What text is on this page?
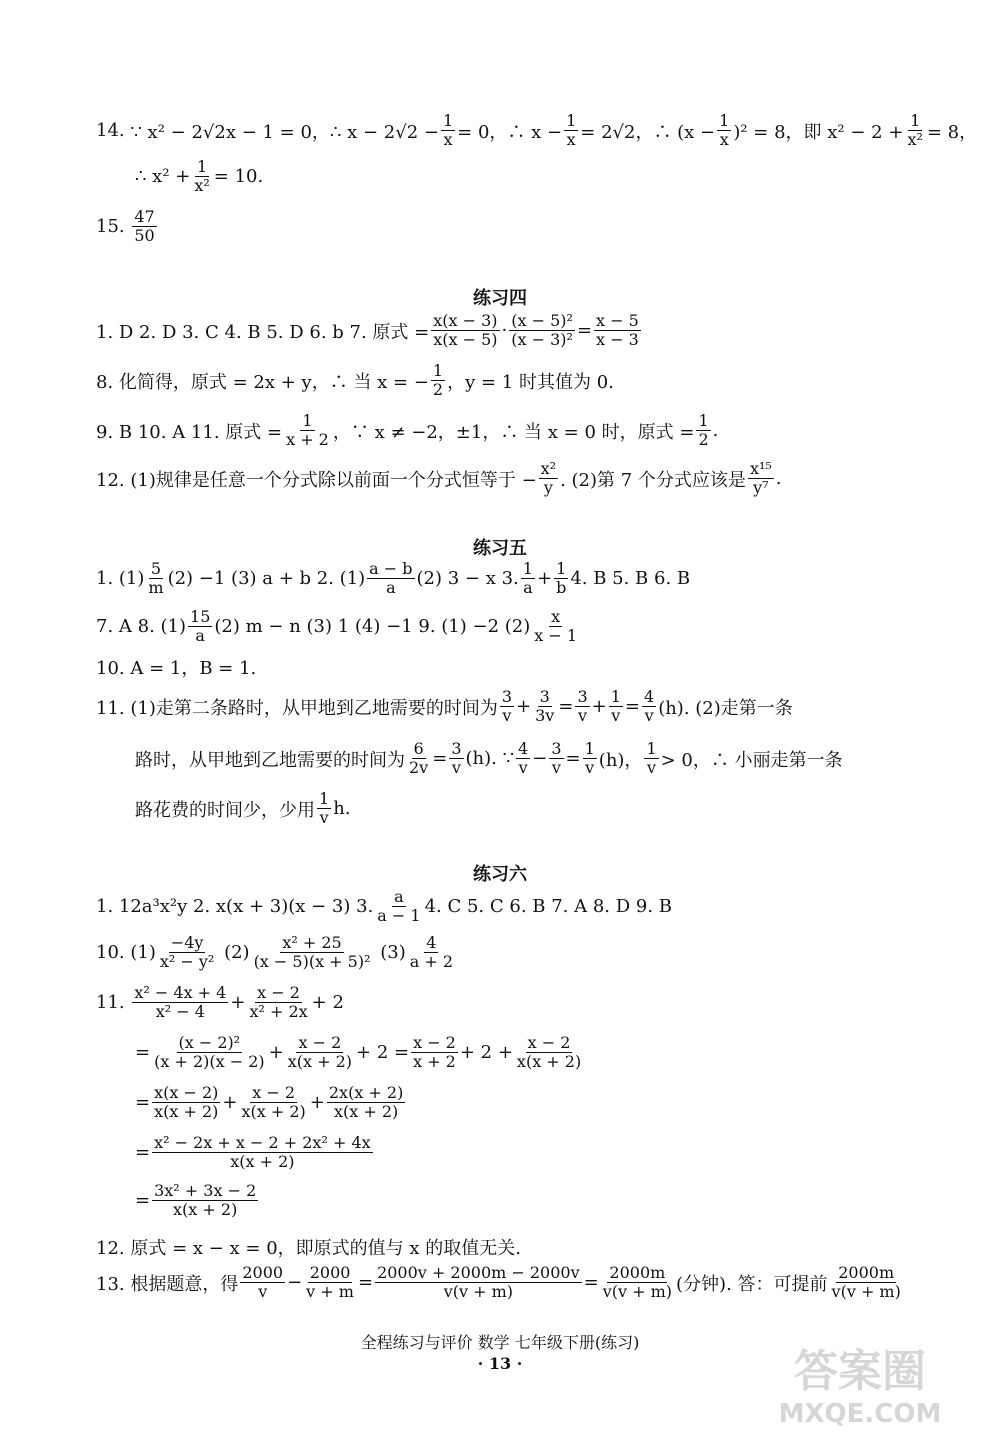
14.
∵ x² − 2√2x − 1 = 0，∴ $x - 2√2 - \frac{1}{x} = 0$，∴ $x - \frac{1}{x} = 2√2$，∴ $(x - \frac{1}{x} )^2 = 8$，即 $x^2 - 2 + \frac{1}{\text{x²}} = 8$，
∴ $x^2 + \frac{1}{\text{x²}} = 10$.
15.
$\frac{47}{50}$
练习四
1. D 2. D 3. C 4. B 5. D 6. b 7. 原式 = $\frac{x(x - 3)}{x(x - 5)} \cdot \frac{\text{(x − 5)²}}{\text{(x − 3)²}} = \frac{x - 5}{x - 3}$
8. 化简得，原式 = 2x + y，∴ 当 x = − $\frac{1}{2}$ ，y = 1 时其值为 0.
9. B 10. A 11. 原式 = $\frac{1}{x + 2}$ ，∵ x ≠ −2，±1，∴ 当 x = 0 时，原式 = $\frac{1}{2}$ .
12. (1)规律是任意一个分式除以前面一个分式恒等于 − $\frac{\text{x²}}{y}$ . (2)第 7 个分式应该是 $\frac{\text{x¹⁵}}{\text{y⁷}}$ .
练习五
1. $(1) \frac{5}{m} (2) -1$ (3) a + b 2. $(1) \frac{a - b}{a} (2) 3 - x$ 3. $\frac{1}{a} + \frac{1}{b} 4$. B 5. B 6. B
7. A 8. $(1) \frac{15}{a} (2) m - n$ (3) 1 (4) −1 9. (1) −2 $(2) \frac{x}{x - 1}$
10. A = 1，B = 1.
11. (1)走第二条路时，从甲地到乙地需要的时间为 $\frac{3}{v} + \frac{3}{3v} = \frac{3}{v} + \frac{1}{v} = \frac{4}{v} (h)$. (2)走第一条
路时，从甲地到乙地需要的时间为 $\frac{6}{2v} = \frac{3}{v} (h)$. ∵ $\frac{4}{v} - \frac{3}{v} = \frac{1}{v} (h)$， $\frac{1}{v} > 0$，∴ 小丽走第一条
路花费的时间少，少用 $\frac{1}{v} h$.
练习六
1. 12a³x²y 2. x(x + 3)(x − 3) 3. $\frac{a}{a - 1} 4$. C 5. C 6. B 7. A 8. D 9. B
10. $(1) \frac{-4y}{\text{x² − y²}}$
$(2) \frac{\text{x² + 25}}{\text{(x − 5)(x + 5)²}}$
$(3) \frac{4}{a + 2}$
11.
$\frac{\text{x² − 4x + 4}}{\text{x² − 4}} + \frac{x - 2}{\text{x² + 2x}} + 2$
= $\frac{\text{(x − 2)²}}{(x + 2)(x - 2)} + \frac{x - 2}{x(x + 2)} + 2 = \frac{x - 2}{x + 2} + 2 + \frac{x - 2}{x(x + 2)}$
= $\frac{x(x - 2)}{x(x + 2)} + \frac{x - 2}{x(x + 2)} + \frac{2x(x + 2)}{x(x + 2)}$
= $\frac{\text{x² − 2x + x − 2 + 2x² + 4x}}{x(x + 2)}$
= $\frac{\text{3x² + 3x − 2}}{x(x + 2)}$
12. 原式 = x − x = 0，即原式的值与 x 的取值无关.
13. 根据题意，得 $\frac{2000}{v} - \frac{2000}{v + m} = \frac{2000v + 2000m - 2000v}{v(v + m)} = \frac{2000m}{v(v + m)}$ (分钟). 答：可提前 $\frac{2000m}{v(v + m)}$
全程练习与评价 数学 七年级下册(练习)
· 13 ·	答案圈
MXQE.COM
